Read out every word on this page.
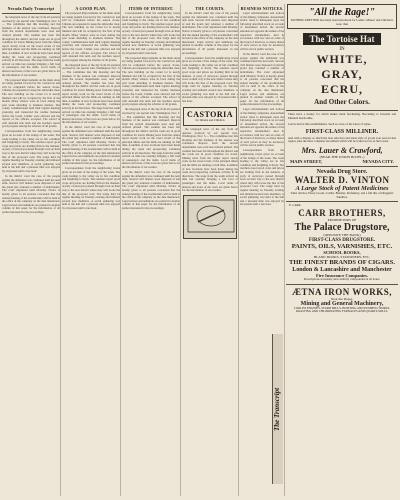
Nevada Daily Transcript

the telegraph news of the day from all quarters received by our special wire. Washington, Nov. 3.— The committee met this morning and the business of the session was continued. Reports from the several departments were read and ordered printed. The weather has been fair throughout the district and the roads are in good condition for travel. Mining news from the camps report steady work on the lower levels of the principal mines and the mills are running on full time. A number of new locations have been made during the week and prospecting continues actively in all directions. The stage from the south arrived on time last evening bringing a full load of passengers and the mails. Local items of interest and notes of the town are given below for the information of our readers.

The proposed improvements on the main street are being pushed forward by the contractors and will be completed before the season closes. Citizens are requested to keep the sidewalks clear. The new building on the corner lot is nearly finished and will be occupied by the first of the month. Many visitors were in town during the past week attending to business matters. The county commissioners held their regular meeting yesterday and transacted the routine business before the board. Claims were allowed and the reports of the officers accepted. The school is well attended this term and the teachers report good progress among the scholars of all grades.

Correspondence from the neighboring towns gives an account of the doings of the week. The roads leading to the valley are in fair condition and freighting is lively. The ranchers report good crops and prices are holding firm in the markets. A party of surveyors passed through town on their way to the new district where they will locate the line of the proposed road. The lodge held its regular meeting on Tuesday evening and initiated several new members. A social gathering was held at the hall and a pleasant time was enjoyed by all present until a late hour.

In the district court the case of the people against the defendant was continued until the next term. Several civil matters were disposed of and the grand jury returned a number of indictments. The court adjourned until Monday. Notice is hereby given to all persons concerned that the annual meeting of the stockholders will be held at the office of the company on the date mentioned. Legal notices and summons are printed in another column of this paper for the information of all parties interested in the proceedings.

A GOOD PLAN.

The proposed improvements on the main street are being pushed forward by the contractors and will be completed before the season closes. Citizens are requested to keep the sidewalks clear. The new building on the corner lot is nearly finished and will be occupied by the first of the month. Many visitors were in town during the past week attending to business matters. The county commissioners held their regular meeting yesterday and transacted the routine business before the board. Claims were allowed and the reports of the officers accepted. The school is well attended this term and the teachers report good progress among the scholars of all grades.

the telegraph news of the day from all quarters received by our special wire. Washington, Nov. 3.— The committee met this morning and the business of the session was continued. Reports from the several departments were read and ordered printed. The weather has been fair throughout the district and the roads are in good condition for travel. Mining news from the camps report steady work on the lower levels of the principal mines and the mills are running on full time. A number of new locations have been made during the week and prospecting continues actively in all directions. The stage from the south arrived on time last evening bringing a full load of passengers and the mails. Local items of interest and notes of the town are given below for the information of our readers.

In the district court the case of the people against the defendant was continued until the next term. Several civil matters were disposed of and the grand jury returned a number of indictments. The court adjourned until Monday. Notice is hereby given to all persons concerned that the annual meeting of the stockholders will be held at the office of the company on the date mentioned. Legal notices and summons are printed in another column of this paper for the information of all parties interested in the proceedings.

Correspondence from the neighboring towns gives an account of the doings of the week. The roads leading to the valley are in fair condition and freighting is lively. The ranchers report good crops and prices are holding firm in the markets. A party of surveyors passed through town on their way to the new district where they will locate the line of the proposed road. The lodge held its regular meeting on Tuesday evening and initiated several new members. A social gathering was held at the hall and a pleasant time was enjoyed by all present until a late hour.

ITEMS OF INTEREST.

Correspondence from the neighboring towns gives an account of the doings of the week. The roads leading to the valley are in fair condition and freighting is lively. The ranchers report good crops and prices are holding firm in the markets. A party of surveyors passed through town on their way to the new district where they will locate the line of the proposed road. The lodge held its regular meeting on Tuesday evening and initiated several new members. A social gathering was held at the hall and a pleasant time was enjoyed by all present until a late hour.

The proposed improvements on the main street are being pushed forward by the contractors and will be completed before the season closes. Citizens are requested to keep the sidewalks clear. The new building on the corner lot is nearly finished and will be occupied by the first of the month. Many visitors were in town during the past week attending to business matters. The county commissioners held their regular meeting yesterday and transacted the routine business before the board. Claims were allowed and the reports of the officers accepted. The school is well attended this term and the teachers report good progress among the scholars of all grades.

the telegraph news of the day from all quarters received by our special wire. Washington, Nov. 3.— The committee met this morning and the business of the session was continued. Reports from the several departments were read and ordered printed. The weather has been fair throughout the district and the roads are in good condition for travel. Mining news from the camps report steady work on the lower levels of the principal mines and the mills are running on full time. A number of new locations have been made during the week and prospecting continues actively in all directions. The stage from the south arrived on time last evening bringing a full load of passengers and the mails. Local items of interest and notes of the town are given below for the information of our readers.

In the district court the case of the people against the defendant was continued until the next term. Several civil matters were disposed of and the grand jury returned a number of indictments. The court adjourned until Monday. Notice is hereby given to all persons concerned that the annual meeting of the stockholders will be held at the office of the company on the date mentioned. Legal notices and summons are printed in another column of this paper for the information of all parties interested in the proceedings.

THE COURTS.

In the district court the case of the people against the defendant was continued until the next term. Several civil matters were disposed of and the grand jury returned a number of indictments. The court adjourned until Monday. Notice is hereby given to all persons concerned that the annual meeting of the stockholders will be held at the office of the company on the date mentioned. Legal notices and summons are printed in another column of this paper for the information of all parties interested in the proceedings.

Correspondence from the neighboring towns gives an account of the doings of the week. The roads leading to the valley are in fair condition and freighting is lively. The ranchers report good crops and prices are holding firm in the markets. A party of surveyors passed through town on their way to the new district where they will locate the line of the proposed road. The lodge held its regular meeting on Tuesday evening and initiated several new members. A social gathering was held at the hall and a pleasant time was enjoyed by all present until a late hour.

CASTORIA
for Infants and Children

the telegraph news of the day from all quarters received by our special wire. Washington, Nov. 3.— The committee met this morning and the business of the session was continued. Reports from the several departments were read and ordered printed. The weather has been fair throughout the district and the roads are in good condition for travel. Mining news from the camps report steady work on the lower levels of the principal mines and the mills are running on full time. A number of new locations have been made during the week and prospecting continues actively in all directions. The stage from the south arrived on time last evening bringing a full load of passengers and the mails. Local items of interest and notes of the town are given below for the information of our readers.

BUSINESS NOTICES.

Legal advertisements and notices of the mining companies. Assessment notice: there is delinquent upon the following described stock on account of assessment levied, the several amounts set opposite the names of the respective shareholders. And in accordance with law and an order of the board of directors, so many shares of each parcel as may be necessary will be sold at public auction.

In the district court the case of the people against the defendant was continued until the next term. Several civil matters were disposed of and the grand jury returned a number of indictments. The court adjourned until Monday. Notice is hereby given to all persons concerned that the annual meeting of the stockholders will be held at the office of the company on the date mentioned. Legal notices and summons are printed in another column of this paper for the information of all parties interested in the proceedings.

Legal advertisements and notices of the mining companies. Assessment notice: there is delinquent upon the following described stock on account of assessment levied, the several amounts set opposite the names of the respective shareholders. And in accordance with law and an order of the board of directors, so many shares of each parcel as may be necessary will be sold at public auction.

Correspondence from the neighboring towns gives an account of the doings of the week. The roads leading to the valley are in fair condition and freighting is lively. The ranchers report good crops and prices are holding firm in the markets. A party of surveyors passed through town on their way to the new district where they will locate the line of the proposed road. The lodge held its regular meeting on Tuesday evening and initiated several new members. A social gathering was held at the hall and a pleasant time was enjoyed by all present until a late hour.

The Transcript
"All the Rage!"
NOTHING PRETTIER has lately been introduced for Ladies', Misses' and Children's wear, than
The Tortoise Hat
IN
WHITE,
GRAY,
ECRU,
And Other Colors.
There have a beauty for which makes them fascinating. Becoming to Juvenile and Matured heads alike.
Can be had at this establishment. Such as a few of the latest of styles.
FIRST-CLASS MILLINER.
And with a display so much the best selection and latest style of goods ever seen in this region, plus the most complete assortment which will be found as low as the lowest.
Mrs. Lauer & Crawford,
(NEAR THE UNION HOTEL.)
MAIN STREET,	NEVADA CITY.
Nevada Drug Store.
WALTER D. VINTON
A Large Stock of Patent Medicines
Toilet articles, Fancy Goods, Combs, Brushes, Perfumery, and a full line of Druggists' Sundries.
E. CARR.
CARR BROTHERS,
PROPRIETORS OF
The Palace Drugstore,
(OPPOSITE THE BANK)
FIRST-CLASS DRUGSTORE.
PAINTS, OILS, VARNISHES, ETC.
SCHOOL BOOKS,
BLANK BOOKS, STATIONERY, ETC.
THE FINEST BRANDS OF CIGARS.
London & Lancashire and Manchester
Fire Insurance Companies.
Prescriptions accurately and carefully compounded at all hours.
ÆTNA IRON WORKS,
Near the Depot.
Mining and General Machinery,
CORLISS ENGINES, STAMP MILLS, HOISTING AND PUMPING WORKS, ROASTING AND CHLORINATING FURNACES AND QUARTZ MILLS.
